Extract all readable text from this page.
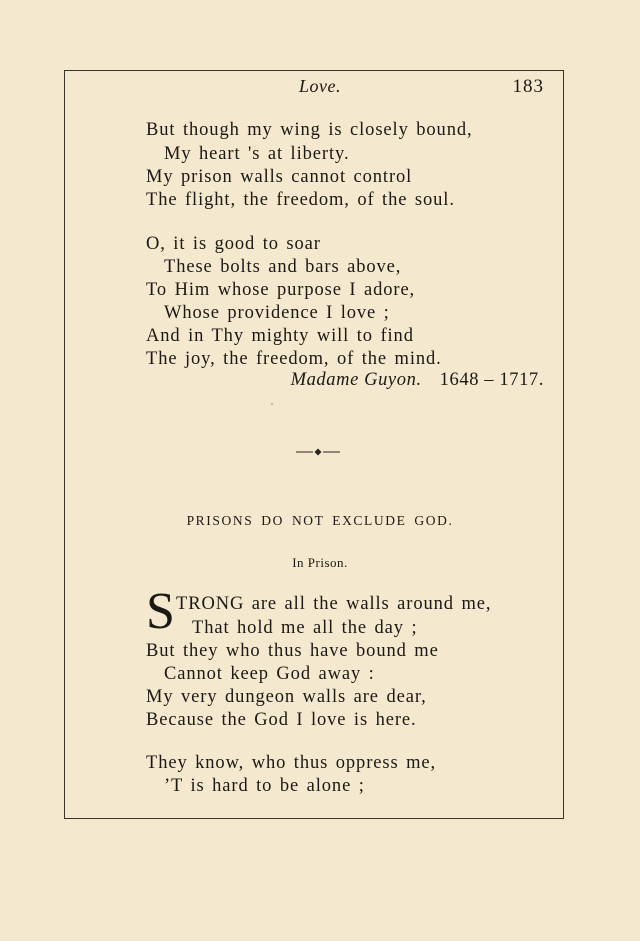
Love.	183
But though my wing is closely bound,
My heart 's at liberty.
My prison walls cannot control
The flight, the freedom, of the soul.
O, it is good to soar
These bolts and bars above,
To Him whose purpose I adore,
Whose providence I love ;
And in Thy mighty will to find
The joy, the freedom, of the mind.
Madame Guyon. 1648 – 1717.
PRISONS DO NOT EXCLUDE GOD.
In Prison.
S TRONG are all the walls around me,
That hold me all the day ;
But they who thus have bound me
Cannot keep God away :
My very dungeon walls are dear,
Because the God I love is here.
They know, who thus oppress me,
’T is hard to be alone ;
